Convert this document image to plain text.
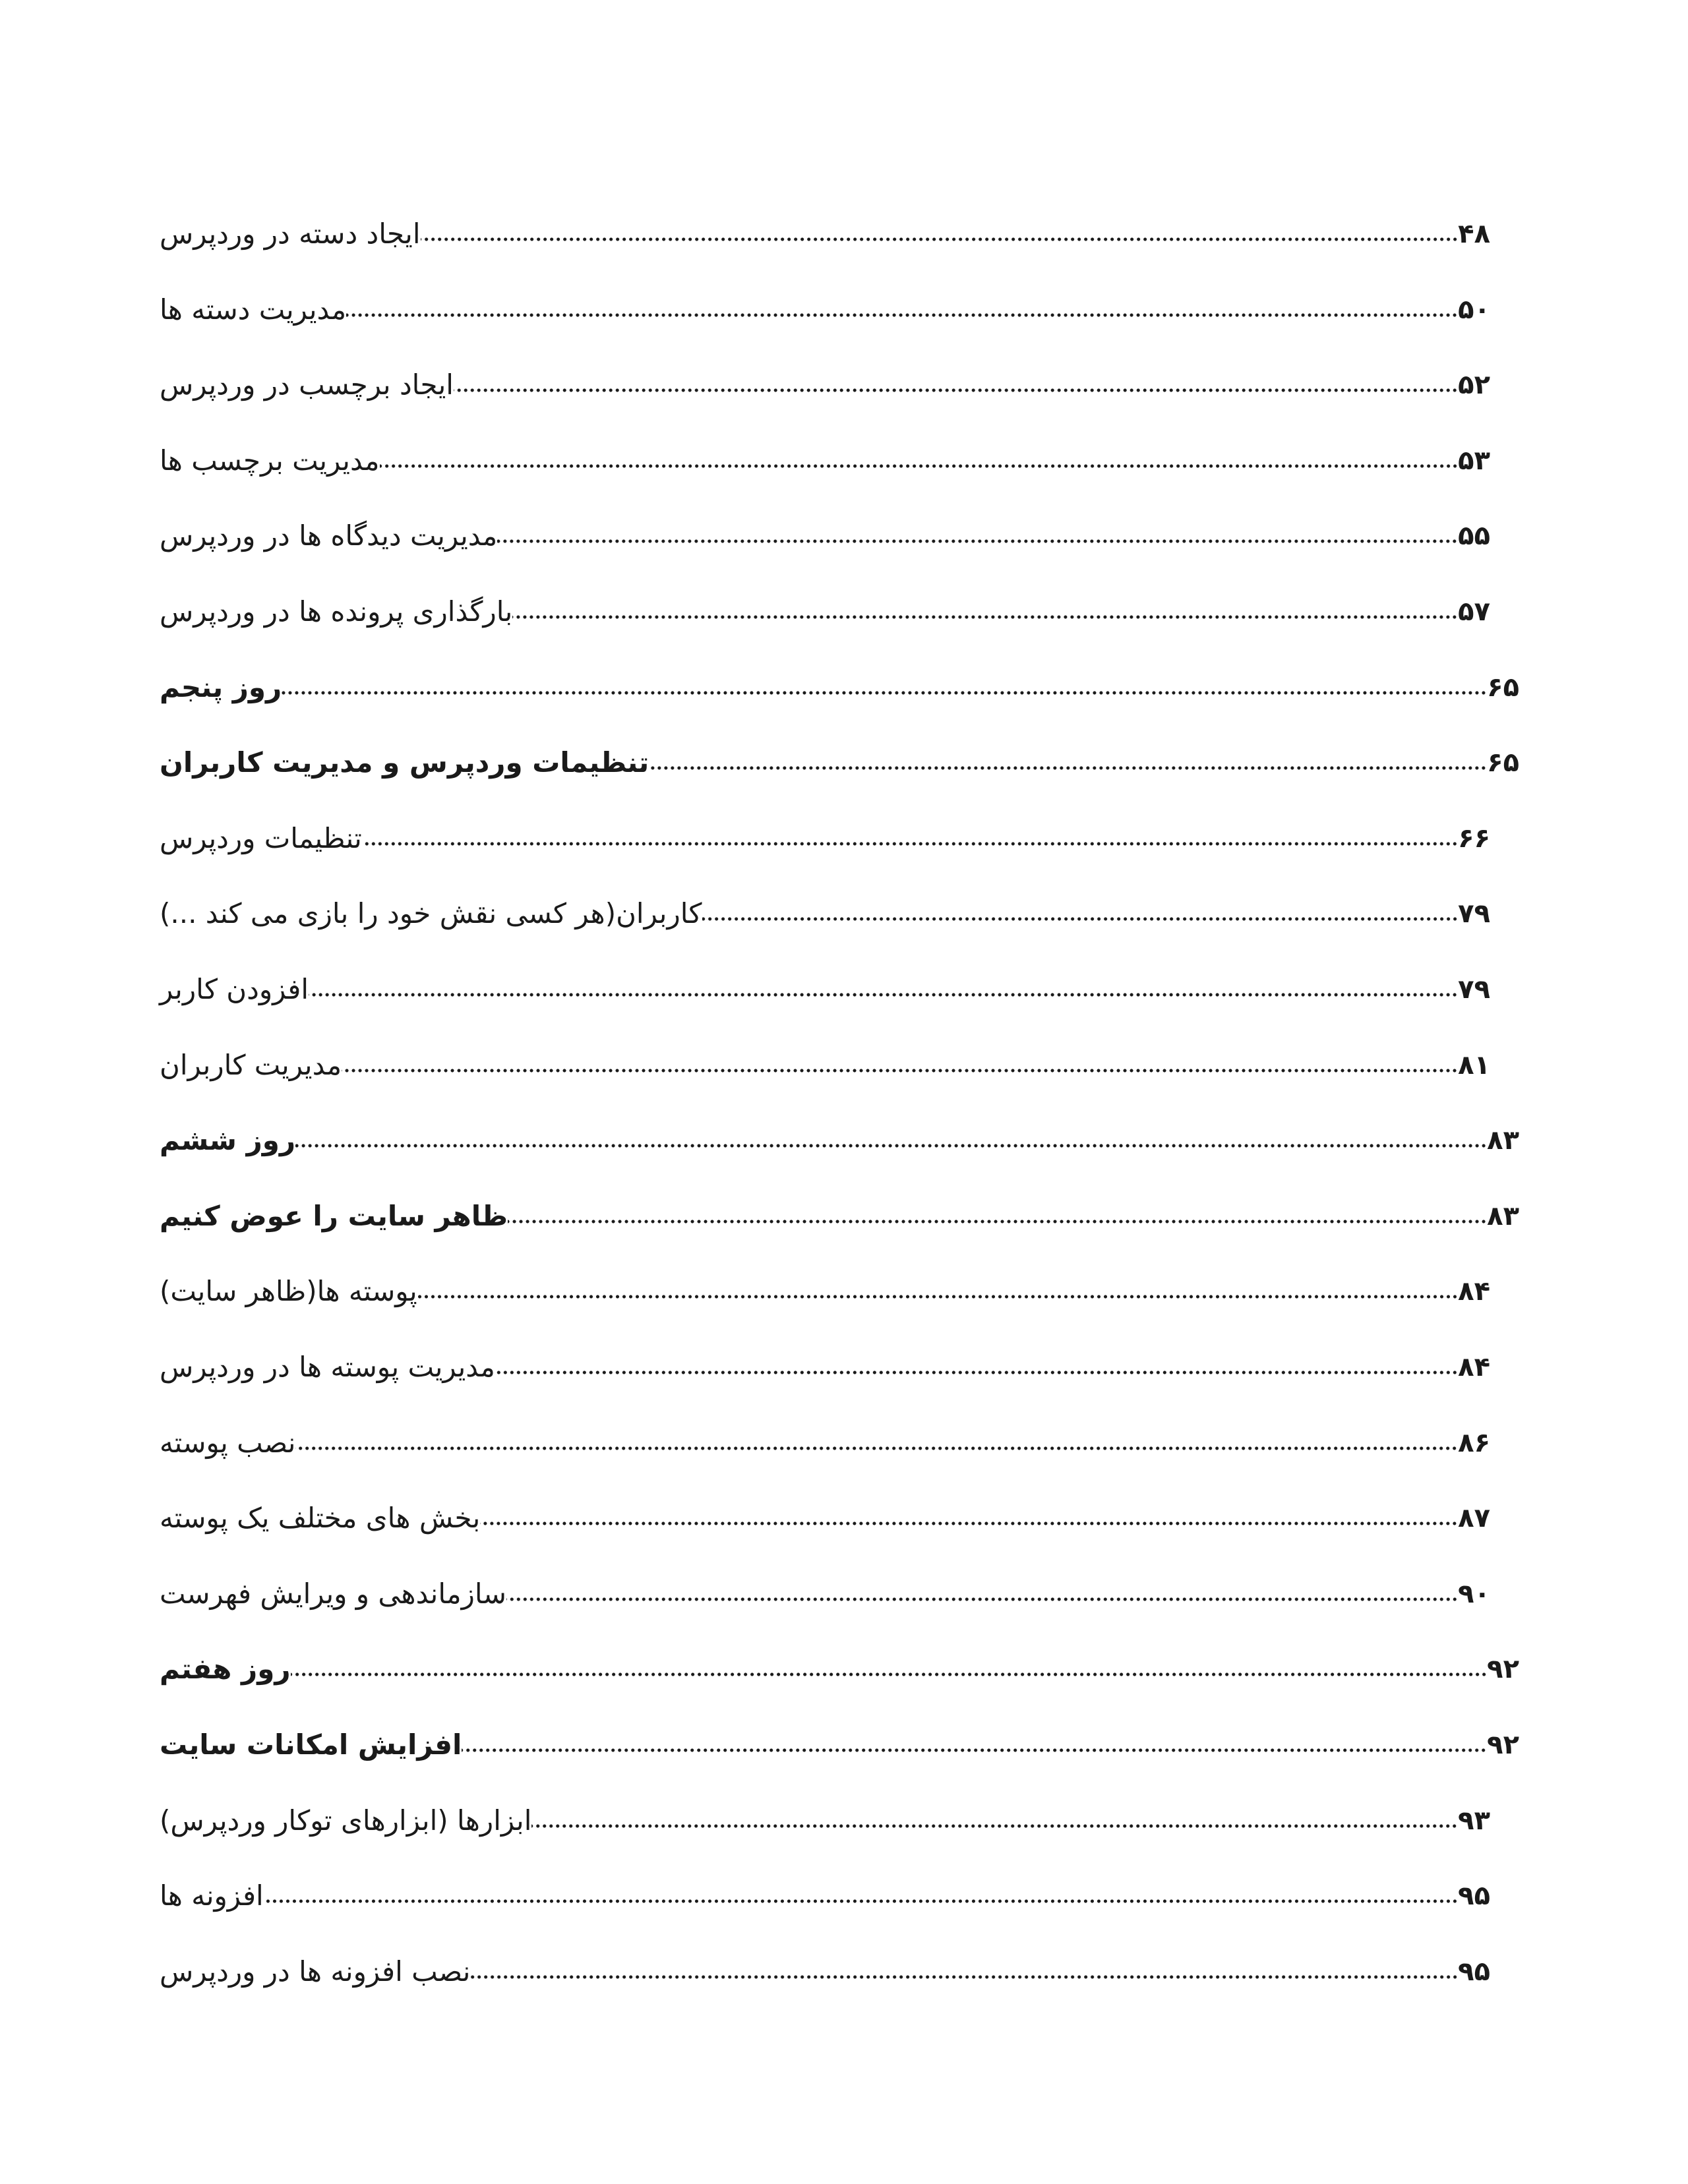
ایجاد دسته در وردپرس	۴۸
مدیریت دسته ها	۵۰
ایجاد برچسب در وردپرس	۵۲
مدیریت برچسب ها	۵۳
مدیریت دیدگاه ها در وردپرس	۵۵
بارگذاری پرونده ها در وردپرس	۵۷
روز پنجم	۶۵
تنظیمات وردپرس و مدیریت کاربران	۶۵
تنظیمات وردپرس	۶۶
کاربران(هر کسی نقش خود را بازی می کند ...)	۷۹
افزودن کاربر	۷۹
مدیریت کاربران	۸۱
روز ششم	۸۳
ظاهر سایت را عوض کنیم	۸۳
پوسته ها(ظاهر سایت)	۸۴
مدیریت پوسته ها در وردپرس	۸۴
نصب پوسته	۸۶
بخش های مختلف یک پوسته	۸۷
سازماندهی و ویرایش فهرست	۹۰
روز هفتم	۹۲
افزایش امکانات سایت	۹۲
ابزارها (ابزارهای توکار وردپرس)	۹۳
افزونه ها	۹۵
نصب افزونه ها در وردپرس	۹۵
